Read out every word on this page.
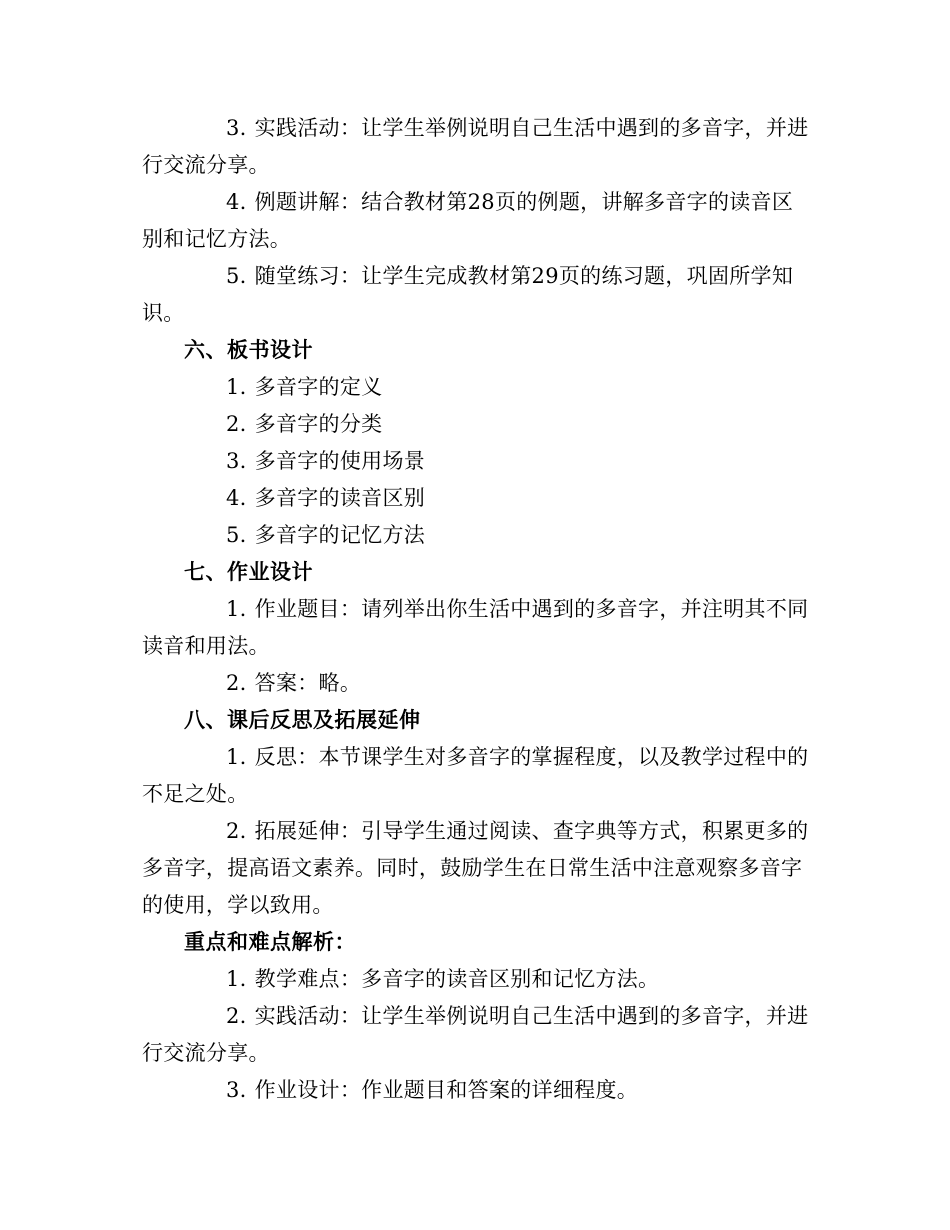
3. 实践活动：让学生举例说明自己生活中遇到的多音字，并进行交流分享。

4. 例题讲解：结合教材第28页的例题，讲解多音字的读音区别和记忆方法。

5. 随堂练习：让学生完成教材第29页的练习题，巩固所学知识。

六、板书设计

1. 多音字的定义

2. 多音字的分类

3. 多音字的使用场景

4. 多音字的读音区别

5. 多音字的记忆方法

七、作业设计

1. 作业题目：请列举出你生活中遇到的多音字，并注明其不同读音和用法。

2. 答案：略。

八、课后反思及拓展延伸

1. 反思：本节课学生对多音字的掌握程度，以及教学过程中的不足之处。

2. 拓展延伸：引导学生通过阅读、查字典等方式，积累更多的多音字，提高语文素养。同时，鼓励学生在日常生活中注意观察多音字的使用，学以致用。

重点和难点解析：

1. 教学难点：多音字的读音区别和记忆方法。

2. 实践活动：让学生举例说明自己生活中遇到的多音字，并进行交流分享。

3. 作业设计：作业题目和答案的详细程度。
